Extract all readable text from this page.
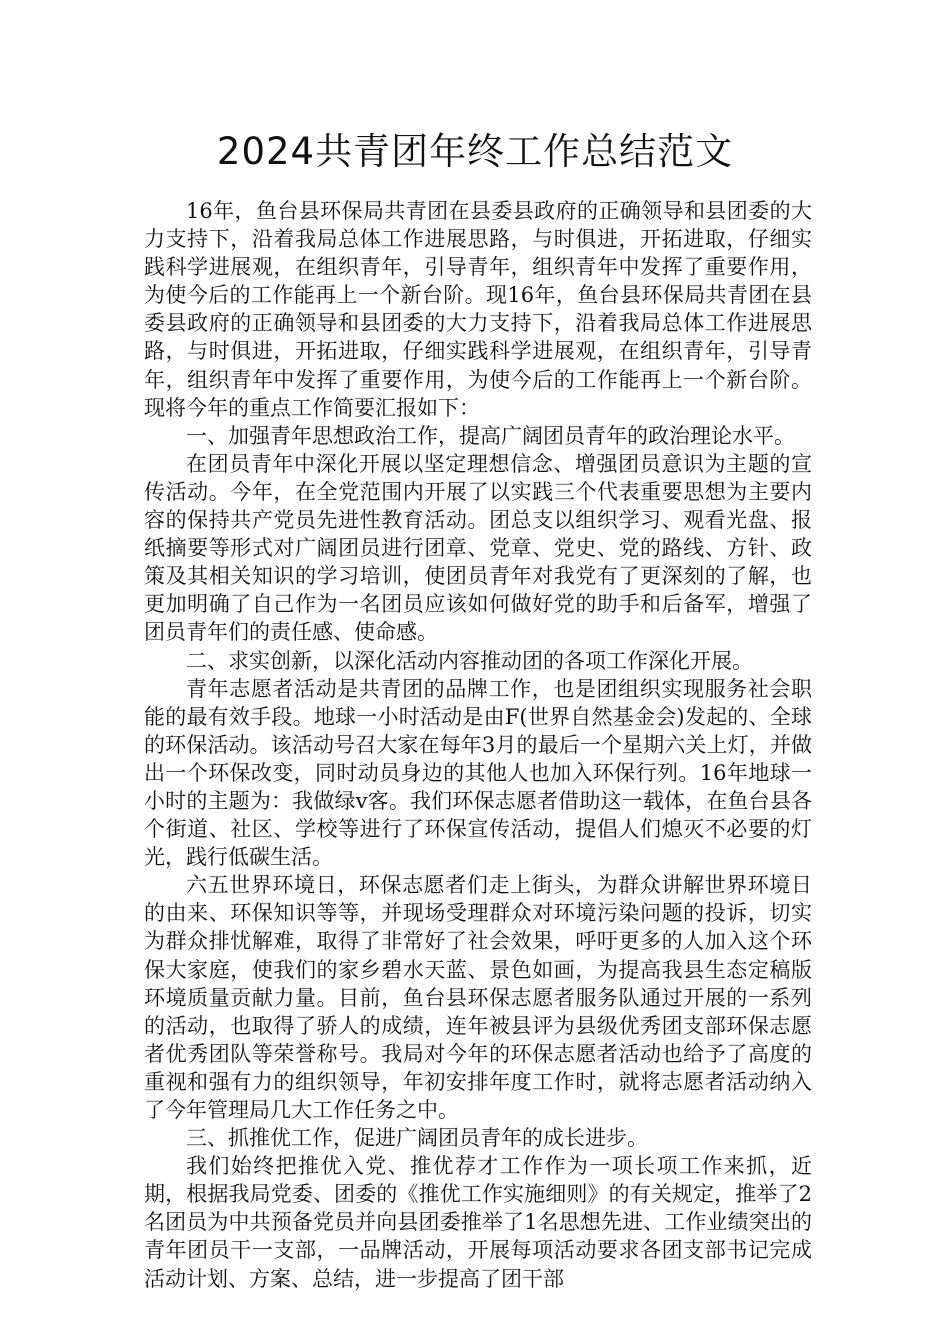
2024共青团年终工作总结范文

16年，鱼台县环保局共青团在县委县政府的正确领导和县团委的大力支持下，沿着我局总体工作进展思路，与时俱进，开拓进取，仔细实践科学进展观，在组织青年，引导青年，组织青年中发挥了重要作用，为使今后的工作能再上一个新台阶。现16年，鱼台县环保局共青团在县委县政府的正确领导和县团委的大力支持下，沿着我局总体工作进展思路，与时俱进，开拓进取，仔细实践科学进展观，在组织青年，引导青年，组织青年中发挥了重要作用，为使今后的工作能再上一个新台阶。现将今年的重点工作简要汇报如下：

一、加强青年思想政治工作，提高广阔团员青年的政治理论水平。

在团员青年中深化开展以坚定理想信念、增强团员意识为主题的宣传活动。今年，在全党范围内开展了以实践三个代表重要思想为主要内容的保持共产党员先进性教育活动。团总支以组织学习、观看光盘、报纸摘要等形式对广阔团员进行团章、党章、党史、党的路线、方针、政策及其相关知识的学习培训，使团员青年对我党有了更深刻的了解，也更加明确了自己作为一名团员应该如何做好党的助手和后备军，增强了团员青年们的责任感、使命感。

二、求实创新，以深化活动内容推动团的各项工作深化开展。

青年志愿者活动是共青团的品牌工作，也是团组织实现服务社会职能的最有效手段。地球一小时活动是由F(世界自然基金会)发起的、全球的环保活动。该活动号召大家在每年3月的最后一个星期六关上灯，并做出一个环保改变，同时动员身边的其他人也加入环保行列。16年地球一小时的主题为：我做绿v客。我们环保志愿者借助这一载体，在鱼台县各个街道、社区、学校等进行了环保宣传活动，提倡人们熄灭不必要的灯光，践行低碳生活。

六五世界环境日，环保志愿者们走上街头，为群众讲解世界环境日的由来、环保知识等等，并现场受理群众对环境污染问题的投诉，切实为群众排忧解难，取得了非常好了社会效果，呼吁更多的人加入这个环保大家庭，使我们的家乡碧水天蓝、景色如画，为提高我县生态定稿版环境质量贡献力量。目前，鱼台县环保志愿者服务队通过开展的一系列的活动，也取得了骄人的成绩，连年被县评为县级优秀团支部环保志愿者优秀团队等荣誉称号。我局对今年的环保志愿者活动也给予了高度的重视和强有力的组织领导，年初安排年度工作时，就将志愿者活动纳入了今年管理局几大工作任务之中。

三、抓推优工作，促进广阔团员青年的成长进步。

我们始终把推优入党、推优荐才工作作为一项长项工作来抓，近期，根据我局党委、团委的《推优工作实施细则》的有关规定，推举了2名团员为中共预备党员并向县团委推举了1名思想先进、工作业绩突出的青年团员干一支部，一品牌活动，开展每项活动要求各团支部书记完成活动计划、方案、总结，进一步提高了团干部
